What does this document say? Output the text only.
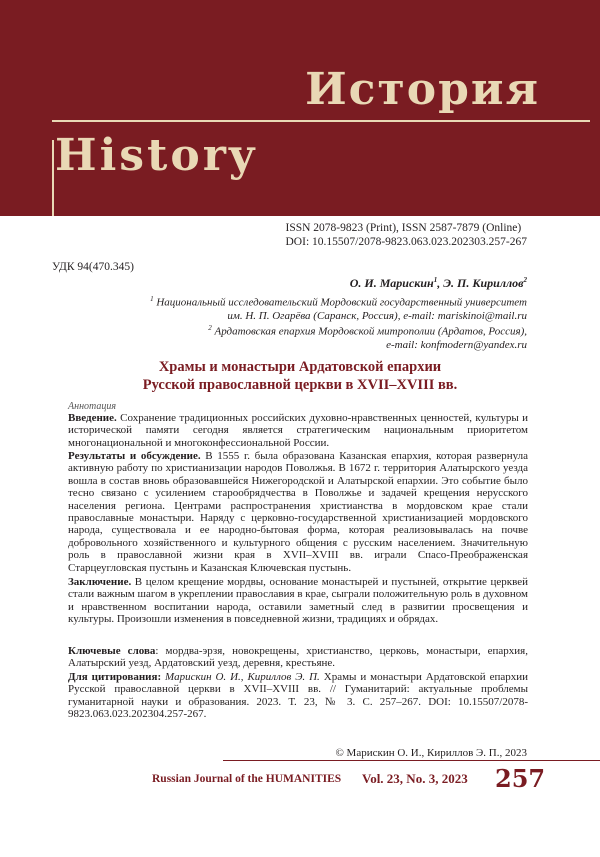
История
History
ISSN 2078-9823 (Print), ISSN 2587-7879 (Online)
DOI: 10.15507/2078-9823.063.023.202303.257-267
УДК 94(470.345)
О. И. Марискин$^1$, Э. П. Кириллов$^2$
$^1$ Национальный исследовательский Мордовский государственный университет
им. Н. П. Огарёва (Саранск, Россия), e-mail: mariskinoi@mail.ru
$^2$ Ардатовская епархия Мордовской митрополии (Ардатов, Россия),
e-mail: konfmodern@yandex.ru
Храмы и монастыри Ардатовской епархии
Русской православной церкви в XVII–XVIII вв.
Аннотация
Введение. Сохранение традиционных российских духовно-нравственных ценностей, культуры и исторической памяти сегодня является стратегическим национальным приоритетом многонациональной и многоконфессиональной России.
Результаты и обсуждение. В 1555 г. была образована Казанская епархия, которая развернула активную работу по христианизации народов Поволжья. В 1672 г. территория Алатырского уезда вошла в состав вновь образовавшейся Нижегородской и Алатырской епархии. Это событие было тесно связано с усилением старообрядчества в Поволжье и задачей крещения нерусского населения региона. Центрами распространения христианства в мордовском крае стали православные монастыри. Наряду с церковно-государственной христианизацией мордовского народа, существовала и ее народно-бытовая форма, которая реализовывалась на почве добровольного хозяйственного и культурного общения с русским населением. Значительную роль в православной жизни края в XVII–XVIII вв. играли Спасо-Преображенская Старцеугловская пустынь и Казанская Ключевская пустынь.
Заключение. В целом крещение мордвы, основание монастырей и пустыней, открытие церквей стали важным шагом в укреплении православия в крае, сыграли положительную роль в духовном и нравственном воспитании народа, оставили заметный след в развитии просвещения и культуры. Произошли изменения в повседневной жизни, традициях и обрядах.
Ключевые слова: мордва-эрзя, новокрещены, христианство, церковь, монастыри, епархия, Алатырский уезд, Ардатовский уезд, деревня, крестьяне.
Для цитирования: Марискин О. И., Кириллов Э. П. Храмы и монастыри Ардатовской епархии Русской православной церкви в XVII–XVIII вв. // Гуманитарий: актуальные проблемы гуманитарной науки и образования. 2023. Т. 23, № 3. С. 257–267. DOI: 10.15507/2078-9823.063.023.202304.257-267.
© Марискин О. И., Кириллов Э. П., 2023
Russian Journal of the HUMANITIES Vol. 23, No. 3, 2023 257
